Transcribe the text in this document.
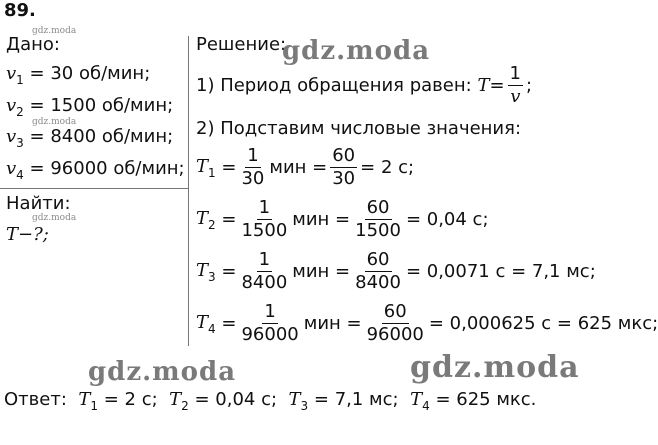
89.
gdz.moda
Дано:
$v_1 = 30$ об/мин;
$v_2 = 1500$ об/мин;
gdz.moda
$v_3 = 8400$ об/мин;
$v_4 = 96000$ об/мин;
Найти:
gdz.moda
T−?;
Решение:
gdz.moda
1) Период обращения равен:
$T = \frac{1}{v}$ ;
2) Подставим числовые значения:
$T_1 = \frac{1}{30}$ мин = $\frac{60}{30} = 2$ с;
$T_2 = \frac{1}{1500}$ мин = $\frac{60}{1500} = 0,04$ с;
$T_3 = \frac{1}{8400}$ мин = $\frac{60}{8400} = 0,0071$ с = 7,1 мс;
$T_4 = \frac{1}{96000}$ мин = $\frac{60}{96000} = 0,000625$ с = 625 мкс;
gdz.moda	gdz.moda
Ответ: $T_1 = 2$ с; $T_2 = 0,04$ с; $T_3 = 7,1$ мс; $T_4 = 625$ мкс.
